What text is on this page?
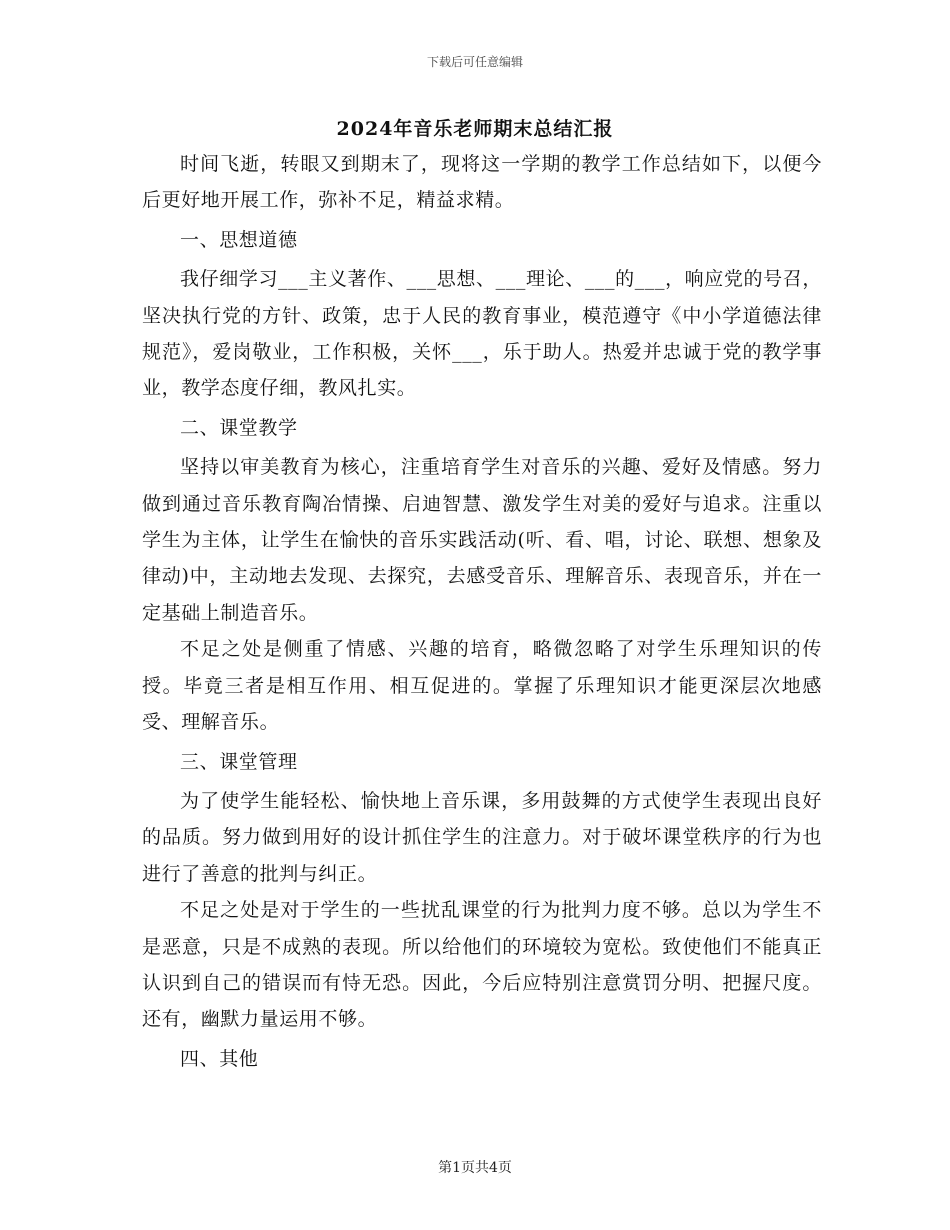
下载后可任意编辑
2024年音乐老师期末总结汇报

时间飞逝，转眼又到期末了，现将这一学期的教学工作总结如下，以便今后更好地开展工作，弥补不足，精益求精。

一、思想道德

我仔细学习___主义著作、___思想、___理论、___的___，响应党的号召，坚决执行党的方针、政策，忠于人民的教育事业，模范遵守《中小学道德法律规范》，爱岗敬业，工作积极，关怀___，乐于助人。热爱并忠诚于党的教学事业，教学态度仔细，教风扎实。

二、课堂教学

坚持以审美教育为核心，注重培育学生对音乐的兴趣、爱好及情感。努力做到通过音乐教育陶冶情操、启迪智慧、激发学生对美的爱好与追求。注重以学生为主体，让学生在愉快的音乐实践活动(听、看、唱，讨论、联想、想象及律动)中，主动地去发现、去探究，去感受音乐、理解音乐、表现音乐，并在一定基础上制造音乐。

不足之处是侧重了情感、兴趣的培育，略微忽略了对学生乐理知识的传授。毕竟三者是相互作用、相互促进的。掌握了乐理知识才能更深层次地感受、理解音乐。

三、课堂管理

为了使学生能轻松、愉快地上音乐课，多用鼓舞的方式使学生表现出良好的品质。努力做到用好的设计抓住学生的注意力。对于破坏课堂秩序的行为也进行了善意的批判与纠正。

不足之处是对于学生的一些扰乱课堂的行为批判力度不够。总以为学生不是恶意，只是不成熟的表现。所以给他们的环境较为宽松。致使他们不能真正认识到自己的错误而有恃无恐。因此，今后应特别注意赏罚分明、把握尺度。还有，幽默力量运用不够。

四、其他

第1页共4页
